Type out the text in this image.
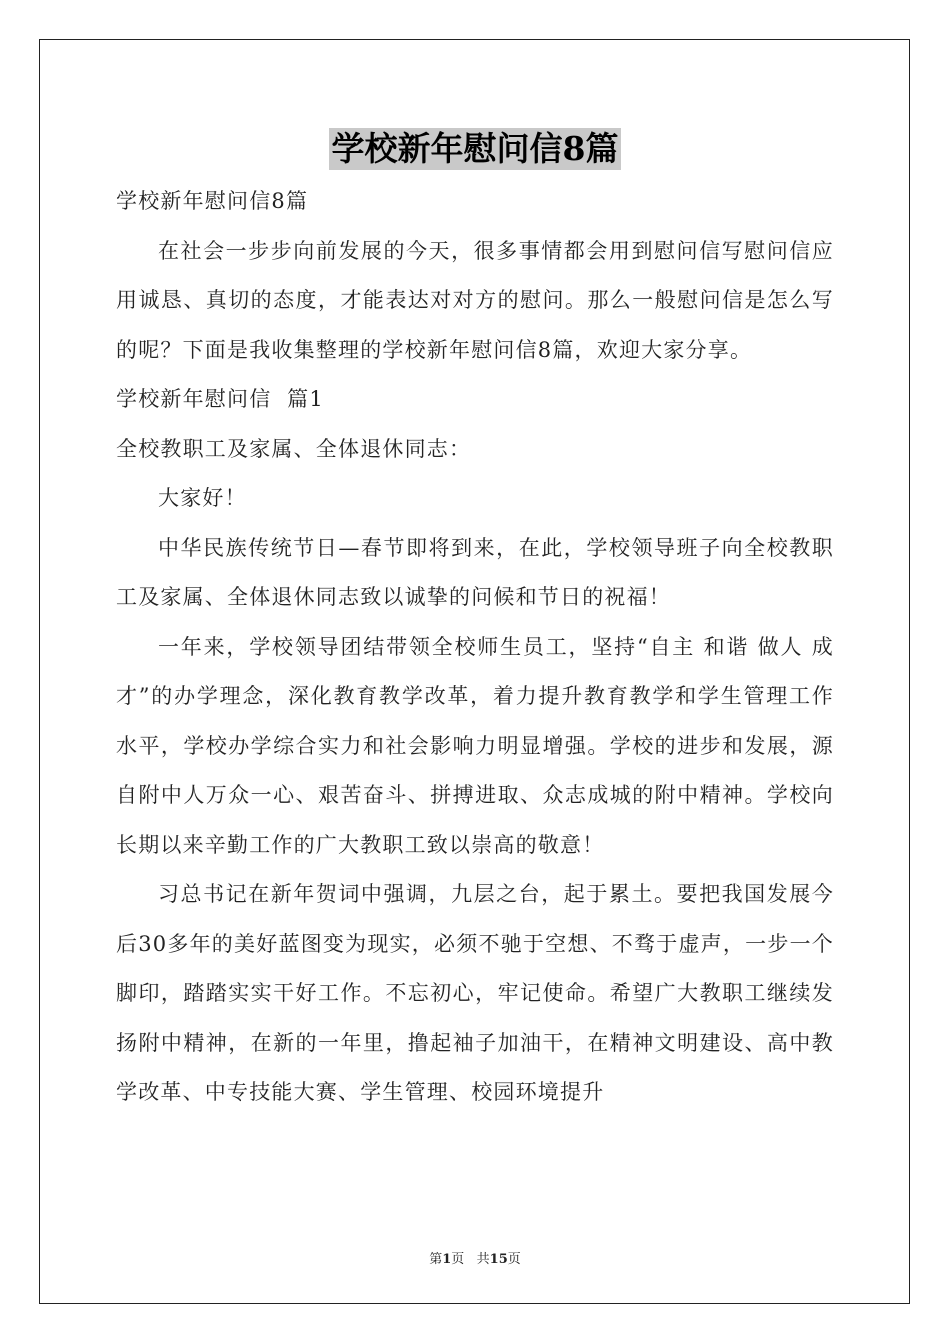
学校新年慰问信8篇

学校新年慰问信8篇

在社会一步步向前发展的今天，很多事情都会用到慰问信写慰问信应用诚恳、真切的态度，才能表达对对方的慰问。那么一般慰问信是怎么写的呢？下面是我收集整理的学校新年慰问信8篇，欢迎大家分享。

学校新年慰问信  篇1

全校教职工及家属、全体退休同志：

大家好！

中华民族传统节日—春节即将到来，在此，学校领导班子向全校教职工及家属、全体退休同志致以诚挚的问候和节日的祝福！

一年来，学校领导团结带领全校师生员工，坚持“自主 和谐 做人 成才”的办学理念，深化教育教学改革，着力提升教育教学和学生管理工作水平，学校办学综合实力和社会影响力明显增强。学校的进步和发展，源自附中人万众一心、艰苦奋斗、拼搏进取、众志成城的附中精神。学校向长期以来辛勤工作的广大教职工致以崇高的敬意！

习总书记在新年贺词中强调，九层之台，起于累土。要把我国发展今后30多年的美好蓝图变为现实，必须不驰于空想、不骛于虚声，一步一个脚印，踏踏实实干好工作。不忘初心，牢记使命。希望广大教职工继续发扬附中精神，在新的一年里，撸起袖子加油干，在精神文明建设、高中教学改革、中专技能大赛、学生管理、校园环境提升

第1页   共15页
